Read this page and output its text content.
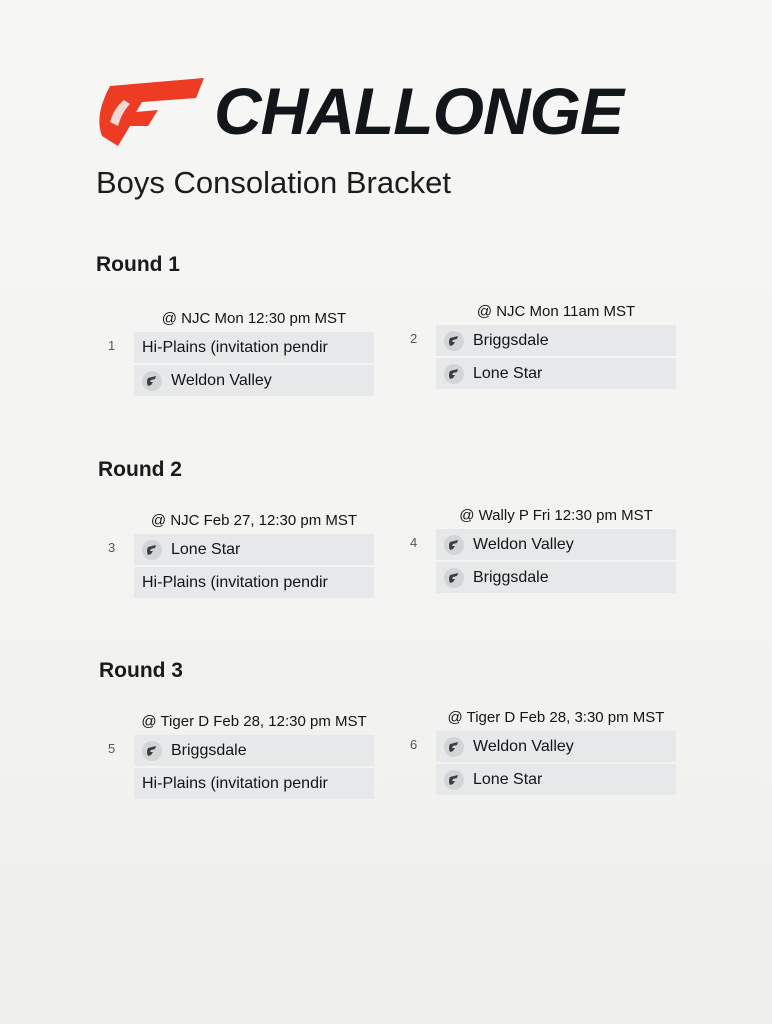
CHALLONGE
Boys Consolation Bracket
Round 1
@ NJC Mon 12:30 pm MST
1 Hi-Plains (invitation pendir
Weldon Valley
@ NJC Mon 11am MST
2	Briggsdale
Lone Star
Round 2
@ NJC Feb 27, 12:30 pm MST
3	Lone Star
Hi-Plains (invitation pendir
@ Wally P Fri 12:30 pm MST
4	Weldon Valley
Briggsdale
Round 3
@ Tiger D Feb 28, 12:30 pm MST
5	Briggsdale
Hi-Plains (invitation pendir
@ Tiger D Feb 28, 3:30 pm MST
6	Weldon Valley
Lone Star
